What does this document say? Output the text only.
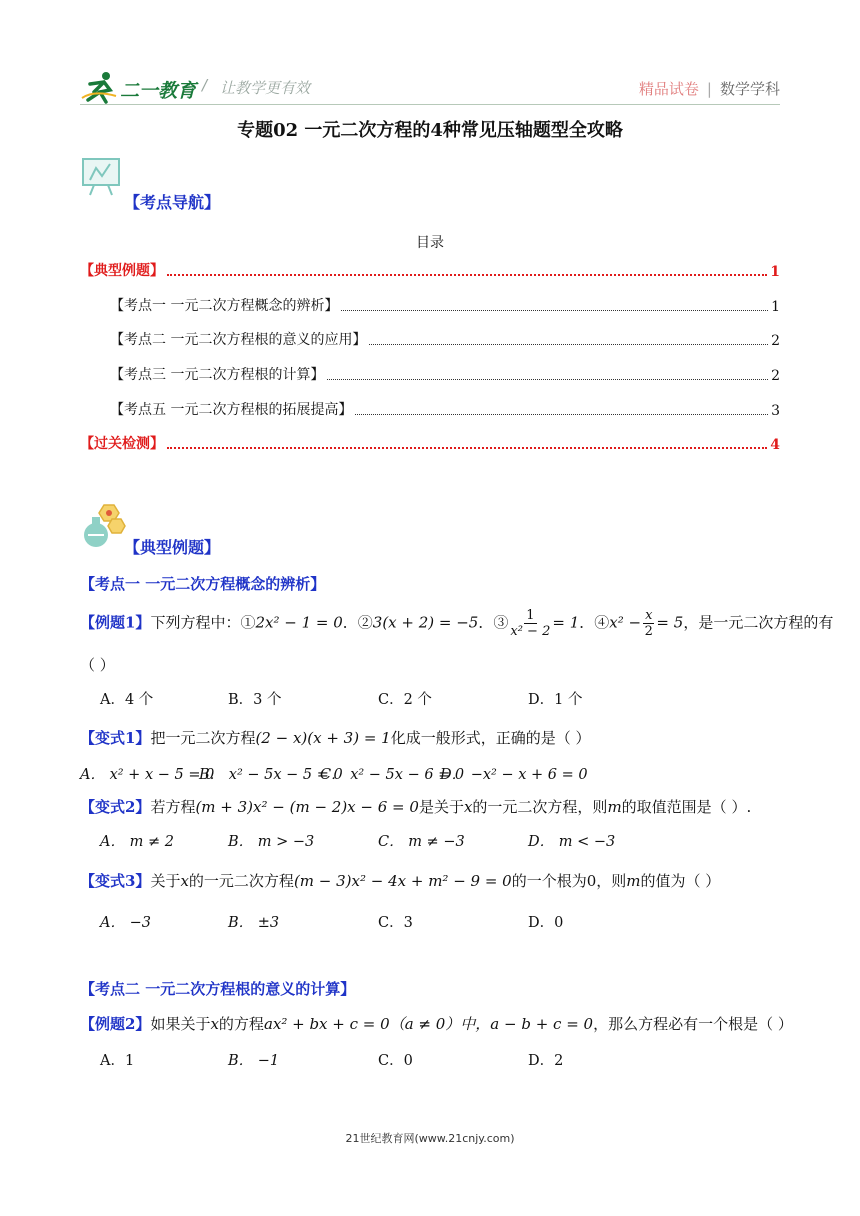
二一教育 / 让教学更有效	精品试卷 | 数学学科
专题02 一元二次方程的4种常见压轴题型全攻略
【考点导航】
目录
【典型例题】	1
【考点一 一元二次方程概念的辨析】	1
【考点二 一元二次方程根的意义的应用】	2
【考点三 一元二次方程根的计算】	2
【考点五 一元二次方程根的拓展提高】	3
【过关检测】	4
【典型例题】
【考点一 一元二次方程概念的辨析】
【例题1】下列方程中：①2x² − 1 = 0．②3(x + 2) = −5．③ $\frac{1}{\text{x² − 2}} = 1$．④x² − $\frac{x}{2} = 5$，是一元二次方程的有
（ ）
A．4 个	B．3 个	C．2 个	D．1 个
【变式1】把一元二次方程(2 − x)(x + 3) = 1化成一般形式，正确的是（ ）
A． x² + x − 5 = 0
B． x² − 5x − 5 = 0
C． x² − 5x − 6 = 0
D． −x² − x + 6 = 0
【变式2】若方程(m + 3)x² − (m − 2)x − 6 = 0是关于x的一元二次方程，则m的取值范围是（ ）.
A． m ≠ 2	B． m > −3	C． m ≠ −3	D． m < −3
【变式3】关于x的一元二次方程(m − 3)x² − 4x + m² − 9 = 0的一个根为0，则m的值为（ ）
A． −3	B． ±3	C．3	D．0
【考点二 一元二次方程根的意义的计算】
【例题2】如果关于x的方程ax² + bx + c = 0（a ≠ 0）中，a − b + c = 0，那么方程必有一个根是（ ）
A．1	B． −1	C．0	D．2
21世纪教育网(www.21cnjy.com)
